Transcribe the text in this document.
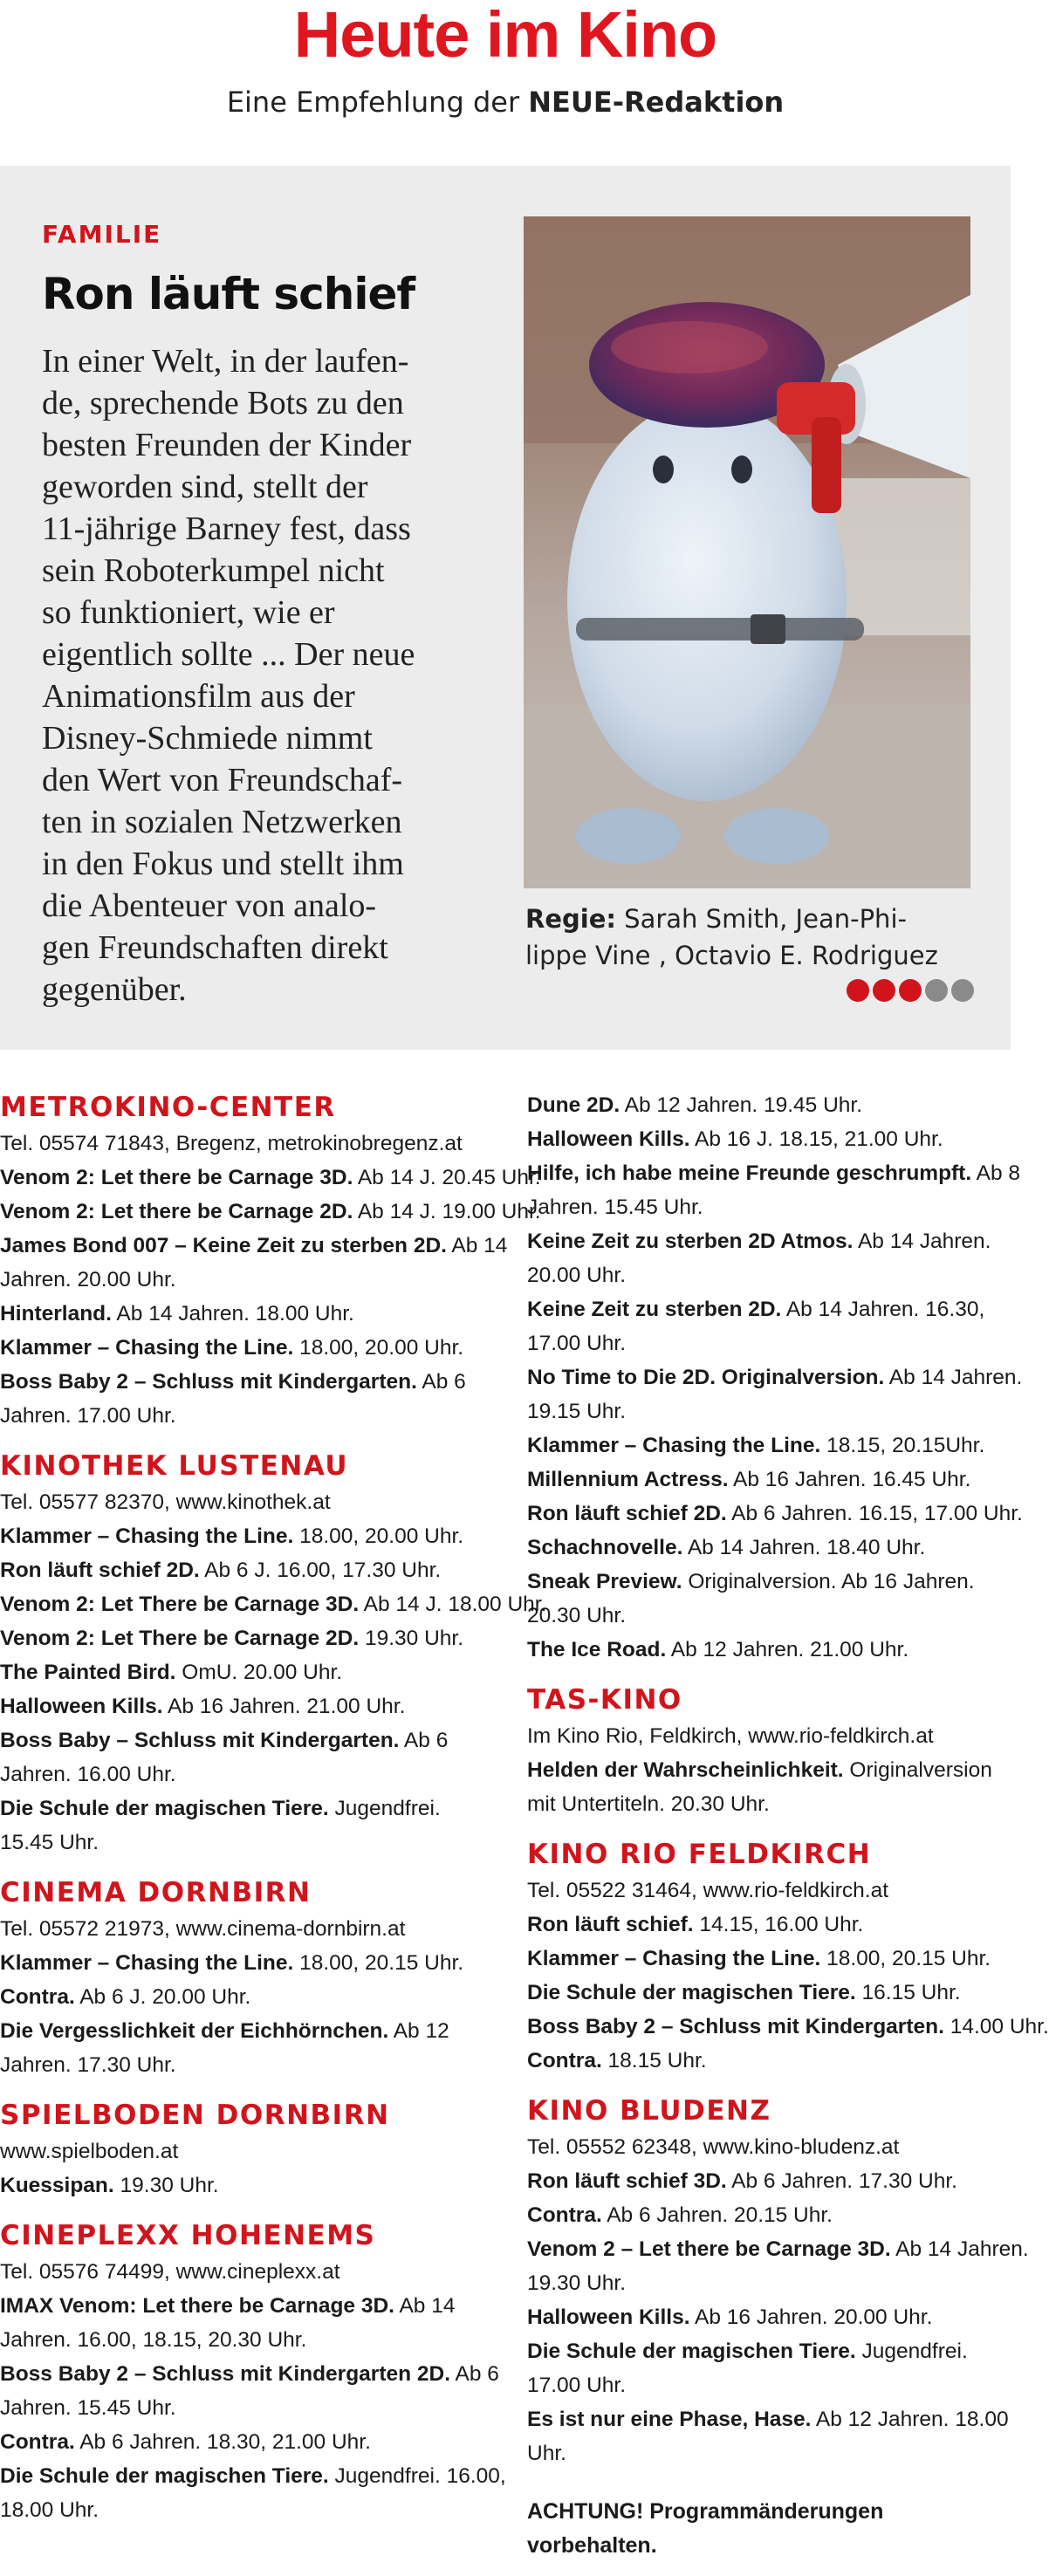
Heute im Kino
Eine Empfehlung der NEUE-Redaktion
FAMILIE
Ron läuft schief
In einer Welt, in der laufen-
de, sprechende Bots zu den
besten Freunden der Kinder
geworden sind, stellt der
11-jährige Barney fest, dass
sein Roboterkumpel nicht
so funktioniert, wie er
eigentlich sollte ... Der neue
Animationsfilm aus der
Disney-Schmiede nimmt
den Wert von Freundschaf-
ten in sozialen Netzwerken
in den Fokus und stellt ihm
die Abenteuer von analo-
gen Freundschaften direkt
gegenüber.
Regie: Sarah Smith, Jean-Phi-
lippe Vine , Octavio E. Rodriguez
METROKINO-CENTER
Tel. 05574 71843, Bregenz, metrokinobregenz.at
Venom 2: Let there be Carnage 3D. Ab 14 J. 20.45 Uhr.
Venom 2: Let there be Carnage 2D. Ab 14 J. 19.00 Uhr.
James Bond 007 – Keine Zeit zu sterben 2D. Ab 14
Jahren. 20.00 Uhr.
Hinterland. Ab 14 Jahren. 18.00 Uhr.
Klammer – Chasing the Line. 18.00, 20.00 Uhr.
Boss Baby 2 – Schluss mit Kindergarten. Ab 6
Jahren. 17.00 Uhr.
KINOTHEK LUSTENAU
Tel. 05577 82370, www.kinothek.at
Klammer – Chasing the Line. 18.00, 20.00 Uhr.
Ron läuft schief 2D. Ab 6 J. 16.00, 17.30 Uhr.
Venom 2: Let There be Carnage 3D. Ab 14 J. 18.00 Uhr.
Venom 2: Let There be Carnage 2D. 19.30 Uhr.
The Painted Bird. OmU. 20.00 Uhr.
Halloween Kills. Ab 16 Jahren. 21.00 Uhr.
Boss Baby – Schluss mit Kindergarten. Ab 6
Jahren. 16.00 Uhr.
Die Schule der magischen Tiere. Jugendfrei.
15.45 Uhr.
CINEMA DORNBIRN
Tel. 05572 21973, www.cinema-dornbirn.at
Klammer – Chasing the Line. 18.00, 20.15 Uhr.
Contra. Ab 6 J. 20.00 Uhr.
Die Vergesslichkeit der Eichhörnchen. Ab 12
Jahren. 17.30 Uhr.
SPIELBODEN DORNBIRN
www.spielboden.at
Kuessipan. 19.30 Uhr.
CINEPLEXX HOHENEMS
Tel. 05576 74499, www.cineplexx.at
IMAX Venom: Let there be Carnage 3D. Ab 14
Jahren. 16.00, 18.15, 20.30 Uhr.
Boss Baby 2 – Schluss mit Kindergarten 2D. Ab 6
Jahren. 15.45 Uhr.
Contra. Ab 6 Jahren. 18.30, 21.00 Uhr.
Die Schule der magischen Tiere. Jugendfrei. 16.00,
18.00 Uhr.
Dune 2D. Ab 12 Jahren. 19.45 Uhr.
Halloween Kills. Ab 16 J. 18.15, 21.00 Uhr.
Hilfe, ich habe meine Freunde geschrumpft. Ab 8
Jahren. 15.45 Uhr.
Keine Zeit zu sterben 2D Atmos. Ab 14 Jahren.
20.00 Uhr.
Keine Zeit zu sterben 2D. Ab 14 Jahren. 16.30,
17.00 Uhr.
No Time to Die 2D. Originalversion. Ab 14 Jahren.
19.15 Uhr.
Klammer – Chasing the Line. 18.15, 20.15Uhr.
Millennium Actress. Ab 16 Jahren. 16.45 Uhr.
Ron läuft schief 2D. Ab 6 Jahren. 16.15, 17.00 Uhr.
Schachnovelle. Ab 14 Jahren. 18.40 Uhr.
Sneak Preview. Originalversion. Ab 16 Jahren.
20.30 Uhr.
The Ice Road. Ab 12 Jahren. 21.00 Uhr.
TAS-KINO
Im Kino Rio, Feldkirch, www.rio-feldkirch.at
Helden der Wahrscheinlichkeit. Originalversion
mit Untertiteln. 20.30 Uhr.
KINO RIO FELDKIRCH
Tel. 05522 31464, www.rio-feldkirch.at
Ron läuft schief. 14.15, 16.00 Uhr.
Klammer – Chasing the Line. 18.00, 20.15 Uhr.
Die Schule der magischen Tiere. 16.15 Uhr.
Boss Baby 2 – Schluss mit Kindergarten. 14.00 Uhr.
Contra. 18.15 Uhr.
KINO BLUDENZ
Tel. 05552 62348, www.kino-bludenz.at
Ron läuft schief 3D. Ab 6 Jahren. 17.30 Uhr.
Contra. Ab 6 Jahren. 20.15 Uhr.
Venom 2 – Let there be Carnage 3D. Ab 14 Jahren.
19.30 Uhr.
Halloween Kills. Ab 16 Jahren. 20.00 Uhr.
Die Schule der magischen Tiere. Jugendfrei.
17.00 Uhr.
Es ist nur eine Phase, Hase. Ab 12 Jahren. 18.00
Uhr.
ACHTUNG! Programmänderungen vorbehalten.
